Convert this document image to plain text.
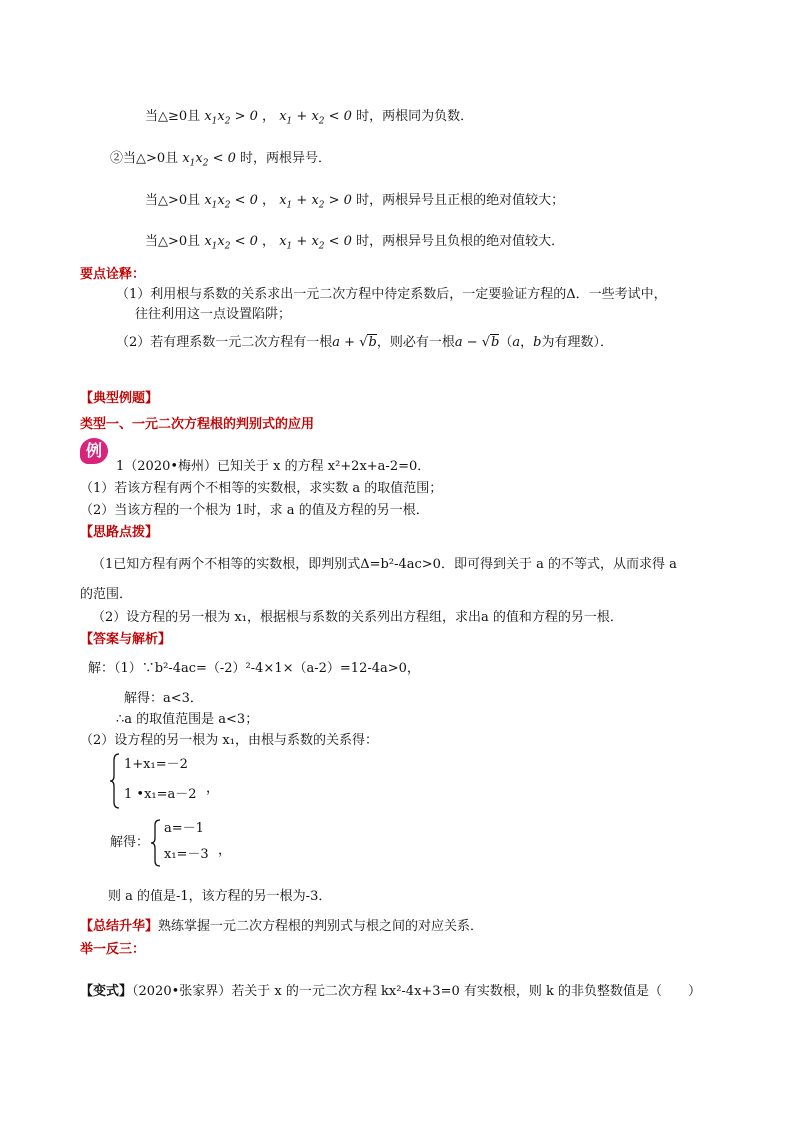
当△≥0且 $x_1x_2 > 0$ ， $x_1 + x_2 < 0$ 时，两根同为负数．
②当△>0且 $x_1x_2 < 0$ 时，两根异号．
当△>0且 $x_1x_2 < 0$ ， $x_1 + x_2 > 0$ 时，两根异号且正根的绝对值较大；
当△>0且 $x_1x_2 < 0$ ， $x_1 + x_2 < 0$ 时，两根异号且负根的绝对值较大．
要点诠释：
（1）利用根与系数的关系求出一元二次方程中待定系数后，一定要验证方程的Δ．一些考试中，
往往利用这一点设置陷阱；
（2）若有理系数一元二次方程有一根a + √b，则必有一根a − √b（a，b为有理数）．
【典型例题】
类型一、一元二次方程根的判别式的应用
例
1（2020•梅州）已知关于 x 的方程 x²+2x+a-2=0．
（1）若该方程有两个不相等的实数根，求实数 a 的取值范围；
（2）当该方程的一个根为 1时，求 a 的值及方程的另一根．
【思路点拨】
（1已知方程有两个不相等的实数根，即判别式Δ=b²-4ac>0．即可得到关于 a 的不等式，从而求得 a
的范围．
（2）设方程的另一根为 x₁，根据根与系数的关系列出方程组，求出a 的值和方程的另一根．
【答案与解析】
解：（1）∵b²-4ac=（-2）²-4×1×（a-2）=12-4a>0，
解得：a<3．
∴a 的取值范围是 a<3；
（2）设方程的另一根为 x₁，由根与系数的关系得：
1+x₁=－2
1 •x₁=a－2 ，
解得：
a=－1
x₁=－3 ，
则 a 的值是-1，该方程的另一根为-3．
【总结升华】熟练掌握一元二次方程根的判别式与根之间的对应关系．
举一反三：
【变式】（2020•张家界）若关于 x 的一元二次方程 kx²-4x+3=0 有实数根，则 k 的非负整数值是（　　）
